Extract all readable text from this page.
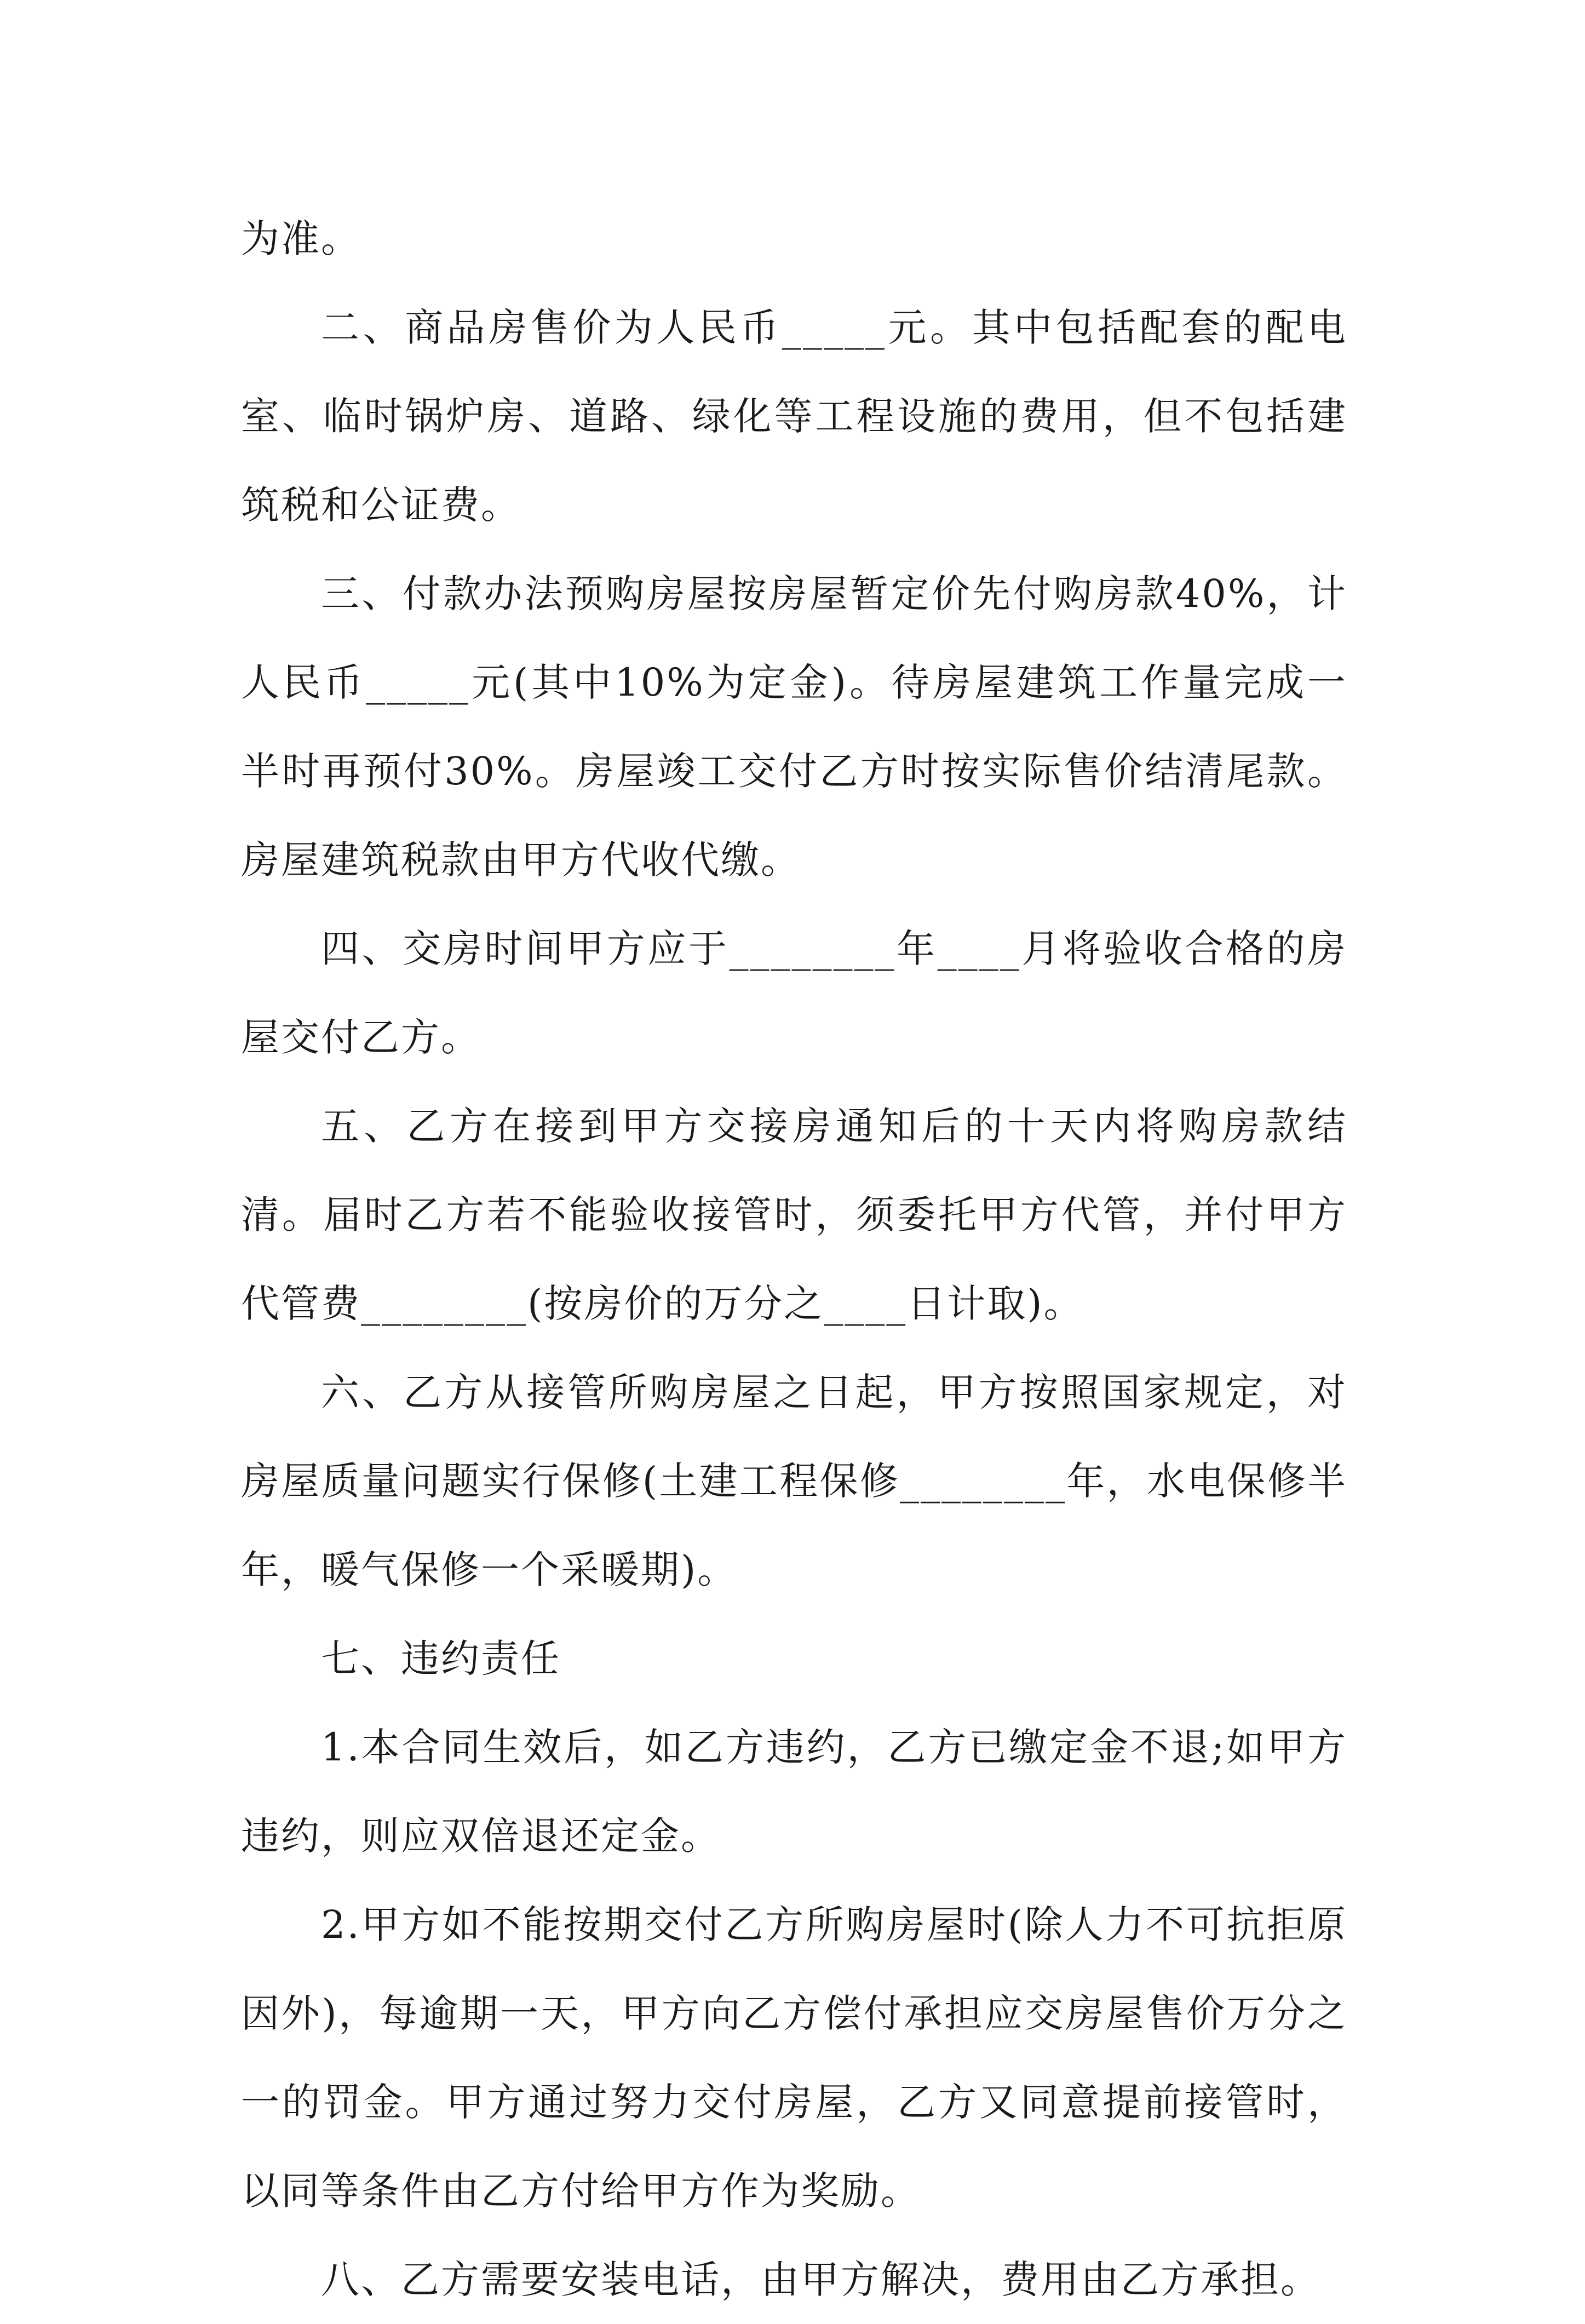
为准。

二、商品房售价为人民币_____元。其中包括配套的配电室、临时锅炉房、道路、绿化等工程设施的费用，但不包括建筑税和公证费。

三、付款办法预购房屋按房屋暂定价先付购房款40%，计人民币_____元(其中10%为定金)。待房屋建筑工作量完成一半时再预付30%。房屋竣工交付乙方时按实际售价结清尾款。房屋建筑税款由甲方代收代缴。

四、交房时间甲方应于________年____月将验收合格的房屋交付乙方。

五、乙方在接到甲方交接房通知后的十天内将购房款结清。届时乙方若不能验收接管时，须委托甲方代管，并付甲方代管费________(按房价的万分之____日计取)。

六、乙方从接管所购房屋之日起，甲方按照国家规定，对房屋质量问题实行保修(土建工程保修________年，水电保修半年，暖气保修一个采暖期)。

七、违约责任

1.本合同生效后，如乙方违约，乙方已缴定金不退;如甲方违约，则应双倍退还定金。

2.甲方如不能按期交付乙方所购房屋时(除人力不可抗拒原因外)，每逾期一天，甲方向乙方偿付承担应交房屋售价万分之一的罚金。甲方通过努力交付房屋，乙方又同意提前接管时，以同等条件由乙方付给甲方作为奖励。

八、乙方需要安装电话，由甲方解决，费用由乙方承担。
